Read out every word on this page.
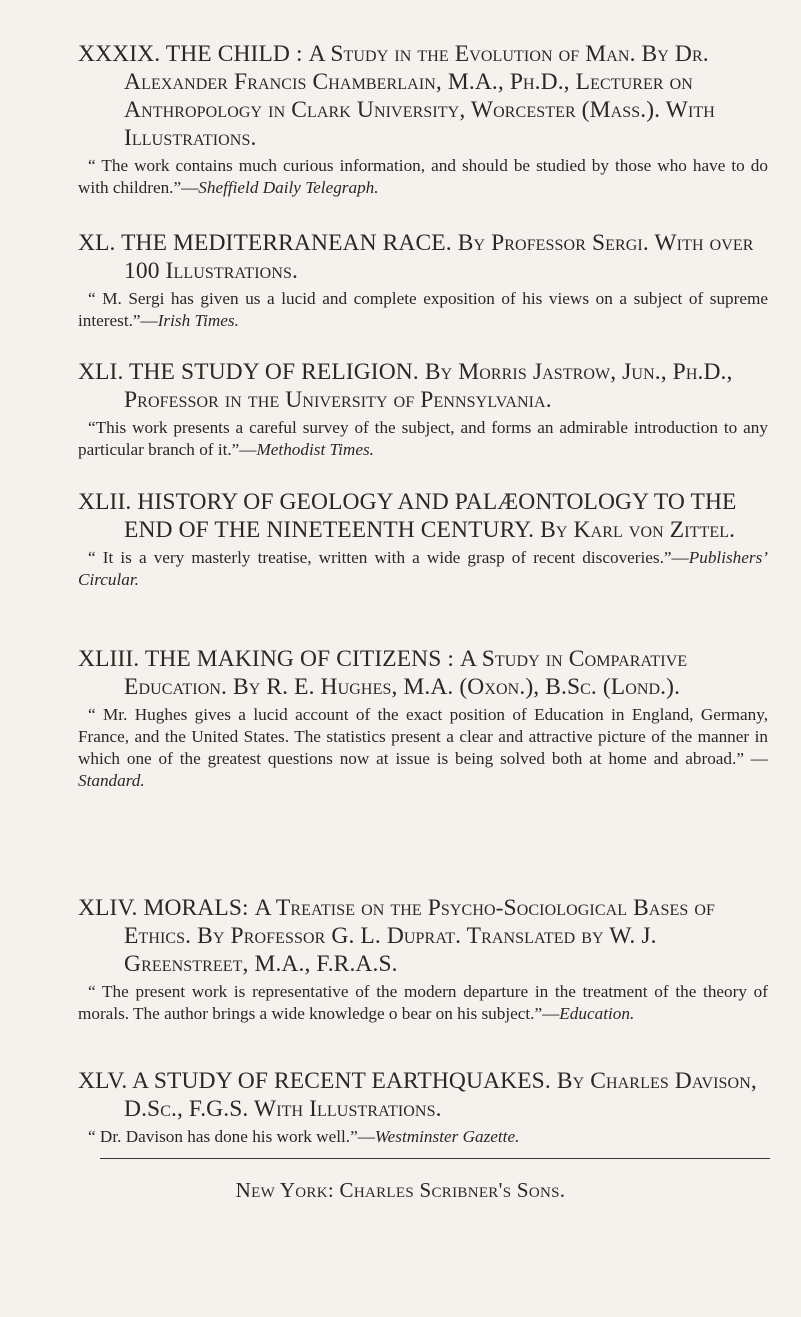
XXXIX. THE CHILD : A Study in the Evolution of Man. By Dr. Alexander Francis Chamberlain, M.A., Ph.D., Lecturer on Anthropology in Clark University, Worcester (Mass.). With Illustrations.

“ The work contains much curious information, and should be studied by those who have to do with children.”—Sheffield Daily Telegraph.

XL. THE MEDITERRANEAN RACE. By Professor Sergi. With over 100 Illustrations.

“ M. Sergi has given us a lucid and complete exposition of his views on a subject of supreme interest.”—Irish Times.

XLI. THE STUDY OF RELIGION. By Morris Jastrow, Jun., Ph.D., Professor in the University of Pennsylvania.

“This work presents a careful survey of the subject, and forms an admirable introduction to any particular branch of it.”—Methodist Times.

XLII. HISTORY OF GEOLOGY AND PALÆONTOLOGY TO THE END OF THE NINETEENTH CENTURY. By Karl von Zittel.

“ It is a very masterly treatise, written with a wide grasp of recent discoveries.”—Publishers’ Circular.

XLIII. THE MAKING OF CITIZENS : A Study in Comparative Education. By R. E. Hughes, M.A. (Oxon.), B.Sc. (Lond.).

“ Mr. Hughes gives a lucid account of the exact position of Education in England, Germany, France, and the United States. The statistics present a clear and attractive picture of the manner in which one of the greatest questions now at issue is being solved both at home and abroad.” —Standard.

XLIV. MORALS: A Treatise on the Psycho-Sociological Bases of Ethics. By Professor G. L. Duprat. Translated by W. J. Greenstreet, M.A., F.R.A.S.

“ The present work is representative of the modern departure in the treatment of the theory of morals. The author brings a wide knowledge o bear on his subject.”—Education.

XLV. A STUDY OF RECENT EARTHQUAKES. By Charles Davison, D.Sc., F.G.S. With Illustrations.

“ Dr. Davison has done his work well.”—Westminster Gazette.

New York: Charles Scribner's Sons.
